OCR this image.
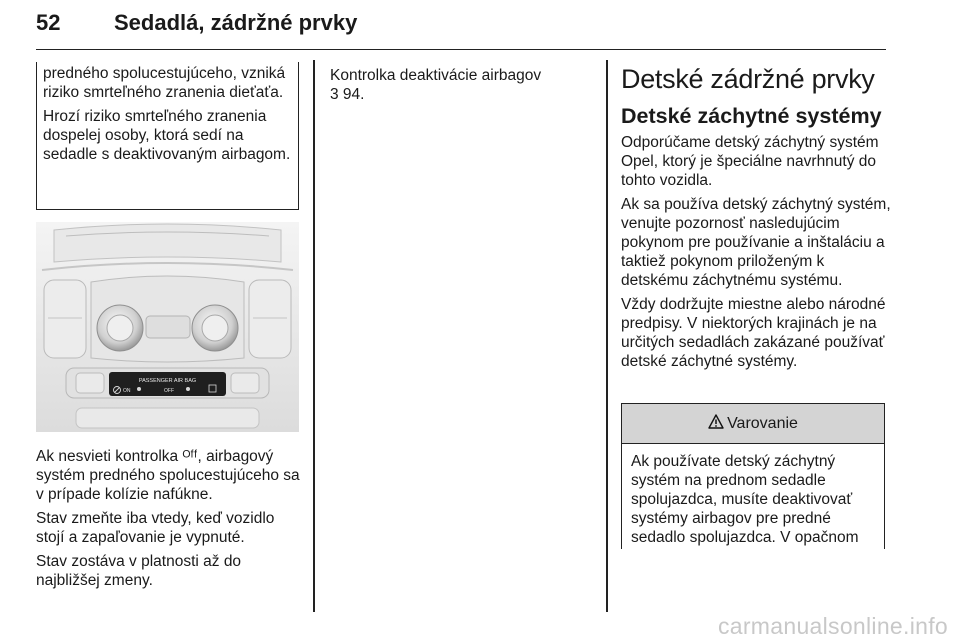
52 Sedadlá, zádržné prvky

predného spolucestujúceho, vzniká riziko smrteľného zranenia dieťaťa.

Hrozí riziko smrteľného zranenia dospelej osoby, ktorá sedí na sedadle s deaktivovaným airbagom.

PASSENGER AIR BAG
ON	OFF

Ak nesvieti kontrolka ᴼᶠᶠ, airbagový systém predného spolucestujúceho sa v prípade kolízie nafúkne.

Stav zmeňte iba vtedy, keď vozidlo stojí a zapaľovanie je vypnuté.

Stav zostáva v platnosti až do najbližšej zmeny.

Kontrolka deaktivácie airbagov

3 94.

Detské zádržné prvky
Detské záchytné systémy

Odporúčame detský záchytný systém Opel, ktorý je špeciálne navrhnutý do tohto vozidla.

Ak sa používa detský záchytný systém, venujte pozornosť nasledujúcim pokynom pre používanie a inštaláciu a taktiež pokynom priloženým k detskému záchytnému systému.

Vždy dodržujte miestne alebo národné predpisy. V niektorých krajinách je na určitých sedadlách zakázané používať detské záchytné systémy.

Varovanie

Ak používate detský záchytný systém na prednom sedadle spolujazdca, musíte deaktivovať systémy airbagov pre predné sedadlo spolujazdca. V opačnom

carmanualsonline.info
